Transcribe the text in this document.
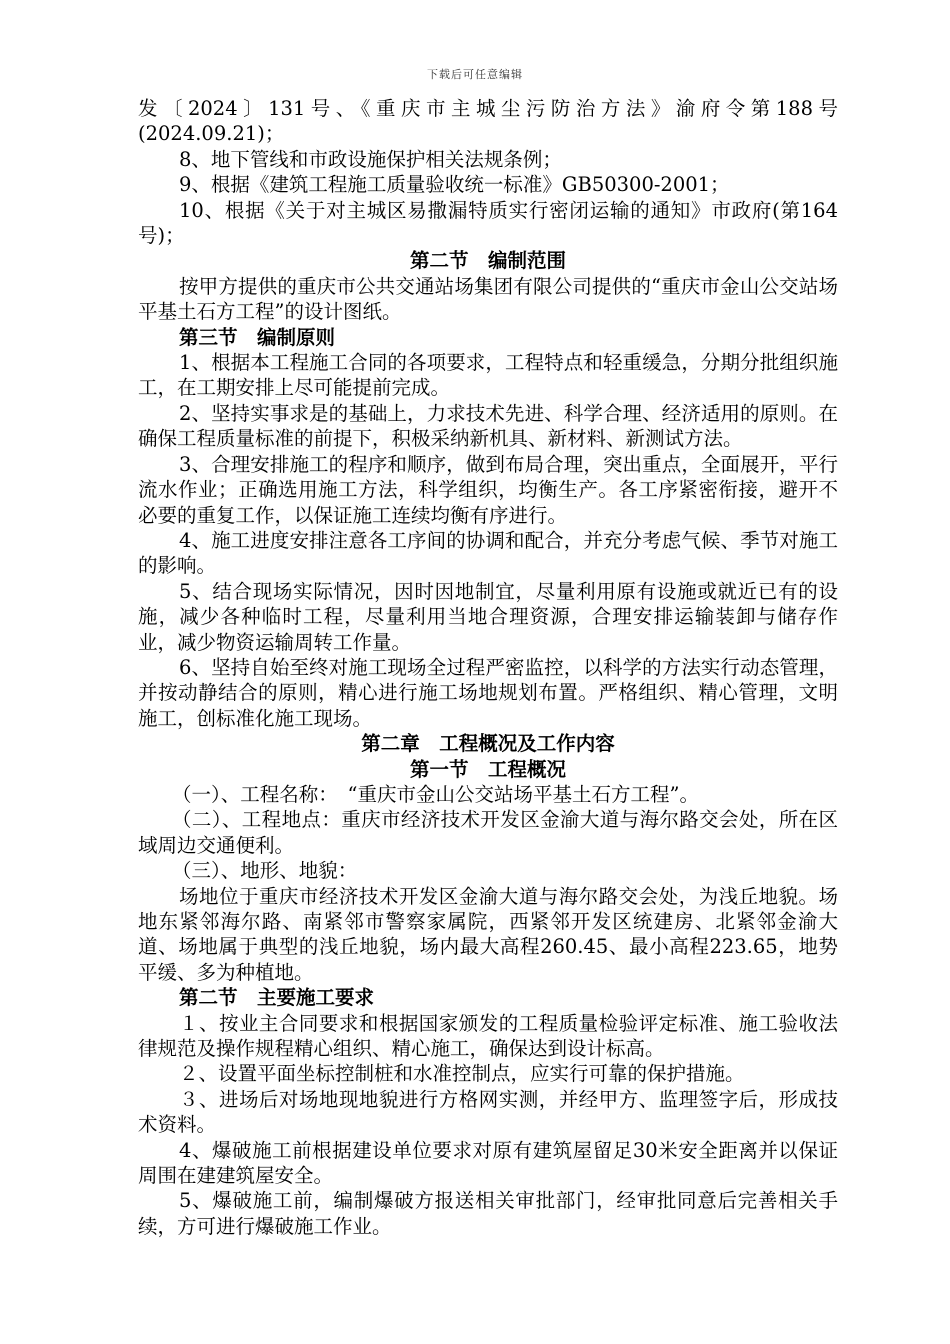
下载后可任意编辑

发〔2024〕131号、《重庆市主城尘污防治方法》渝府令第188号(2024.09.21)；

8、地下管线和市政设施保护相关法规条例；

9、根据《建筑工程施工质量验收统一标准》GB50300-2001；

10、根据《关于对主城区易撒漏特质实行密闭运输的通知》市政府(第164号)；

第二节　编制范围

按甲方提供的重庆市公共交通站场集团有限公司提供的“重庆市金山公交站场平基土石方工程”的设计图纸。

第三节　编制原则

1、根据本工程施工合同的各项要求，工程特点和轻重缓急，分期分批组织施工，在工期安排上尽可能提前完成。

2、坚持实事求是的基础上，力求技术先进、科学合理、经济适用的原则。在确保工程质量标准的前提下，积极采纳新机具、新材料、新测试方法。

3、合理安排施工的程序和顺序，做到布局合理，突出重点，全面展开，平行流水作业；正确选用施工方法，科学组织，均衡生产。各工序紧密衔接，避开不必要的重复工作，以保证施工连续均衡有序进行。

4、施工进度安排注意各工序间的协调和配合，并充分考虑气候、季节对施工的影响。

5、结合现场实际情况，因时因地制宜，尽量利用原有设施或就近已有的设施，减少各种临时工程，尽量利用当地合理资源，合理安排运输装卸与储存作业，减少物资运输周转工作量。

6、坚持自始至终对施工现场全过程严密监控，以科学的方法实行动态管理，并按动静结合的原则，精心进行施工场地规划布置。严格组织、精心管理，文明施工，创标准化施工现场。

第二章　工程概况及工作内容

第一节　工程概况

（一）、工程名称：　“重庆市金山公交站场平基土石方工程”。

（二）、工程地点：重庆市经济技术开发区金渝大道与海尔路交会处，所在区域周边交通便利。

（三）、地形、地貌：

场地位于重庆市经济技术开发区金渝大道与海尔路交会处，为浅丘地貌。场地东紧邻海尔路、南紧邻市警察家属院，西紧邻开发区统建房、北紧邻金渝大道、场地属于典型的浅丘地貌，场内最大高程260.45、最小高程223.65，地势平缓、多为种植地。

第二节　主要施工要求

１、按业主合同要求和根据国家颁发的工程质量检验评定标准、施工验收法律规范及操作规程精心组织、精心施工，确保达到设计标高。

２、设置平面坐标控制桩和水准控制点，应实行可靠的保护措施。

３、进场后对场地现地貌进行方格网实测，并经甲方、监理签字后，形成技术资料。

4、爆破施工前根据建设单位要求对原有建筑屋留足30米安全距离并以保证周围在建建筑屋安全。

5、爆破施工前，编制爆破方报送相关审批部门，经审批同意后完善相关手续，方可进行爆破施工作业。
